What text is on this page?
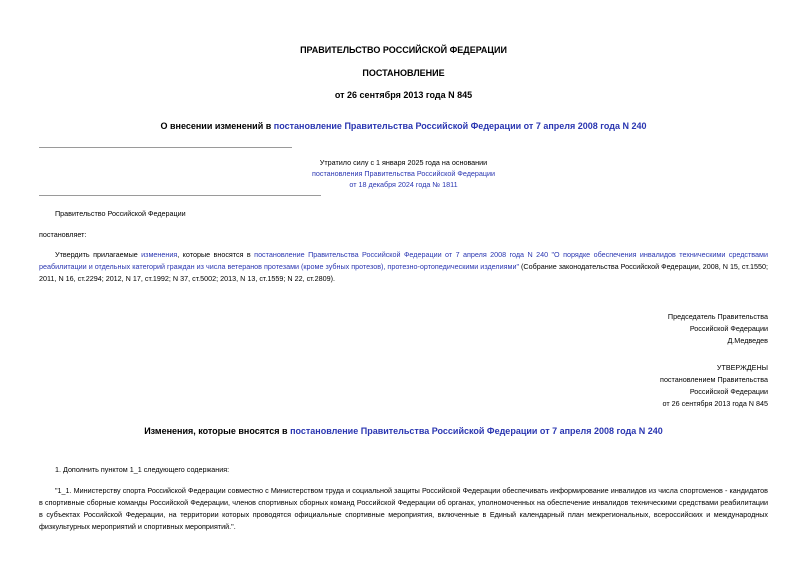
ПРАВИТЕЛЬСТВО РОССИЙСКОЙ ФЕДЕРАЦИИ
ПОСТАНОВЛЕНИЕ
от 26 сентября 2013 года N 845
О внесении изменений в постановление Правительства Российской Федерации от 7 апреля 2008 года N 240
Утратило силу с 1 января 2025 года на основании
постановления Правительства Российской Федерации
от 18 декабря 2024 года № 1811
Правительство Российской Федерации
постановляет:
Утвердить прилагаемые изменения, которые вносятся в постановление Правительства Российской Федерации от 7 апреля 2008 года N 240 "О порядке обеспечения инвалидов техническими средствами реабилитации и отдельных категорий граждан из числа ветеранов протезами (кроме зубных протезов), протезно-ортопедическими изделиями" (Собрание законодательства Российской Федерации, 2008, N 15, ст.1550; 2011, N 16, ст.2294; 2012, N 17, ст.1992; N 37, ст.5002; 2013, N 13, ст.1559; N 22, ст.2809).
Председатель Правительства
Российской Федерации
Д.Медведев
УТВЕРЖДЕНЫ
постановлением Правительства
Российской Федерации
от 26 сентября 2013 года N 845
Изменения, которые вносятся в постановление Правительства Российской Федерации от 7 апреля 2008 года N 240
1. Дополнить пунктом 1_1 следующего содержания:
"1_1. Министерству спорта Российской Федерации совместно с Министерством труда и социальной защиты Российской Федерации обеспечивать информирование инвалидов из числа спортсменов - кандидатов в спортивные сборные команды Российской Федерации, членов спортивных сборных команд Российской Федерации об органах, уполномоченных на обеспечение инвалидов техническими средствами реабилитации в субъектах Российской Федерации, на территории которых проводятся официальные спортивные мероприятия, включенные в Единый календарный план межрегиональных, всероссийских и международных физкультурных мероприятий и спортивных мероприятий.".
